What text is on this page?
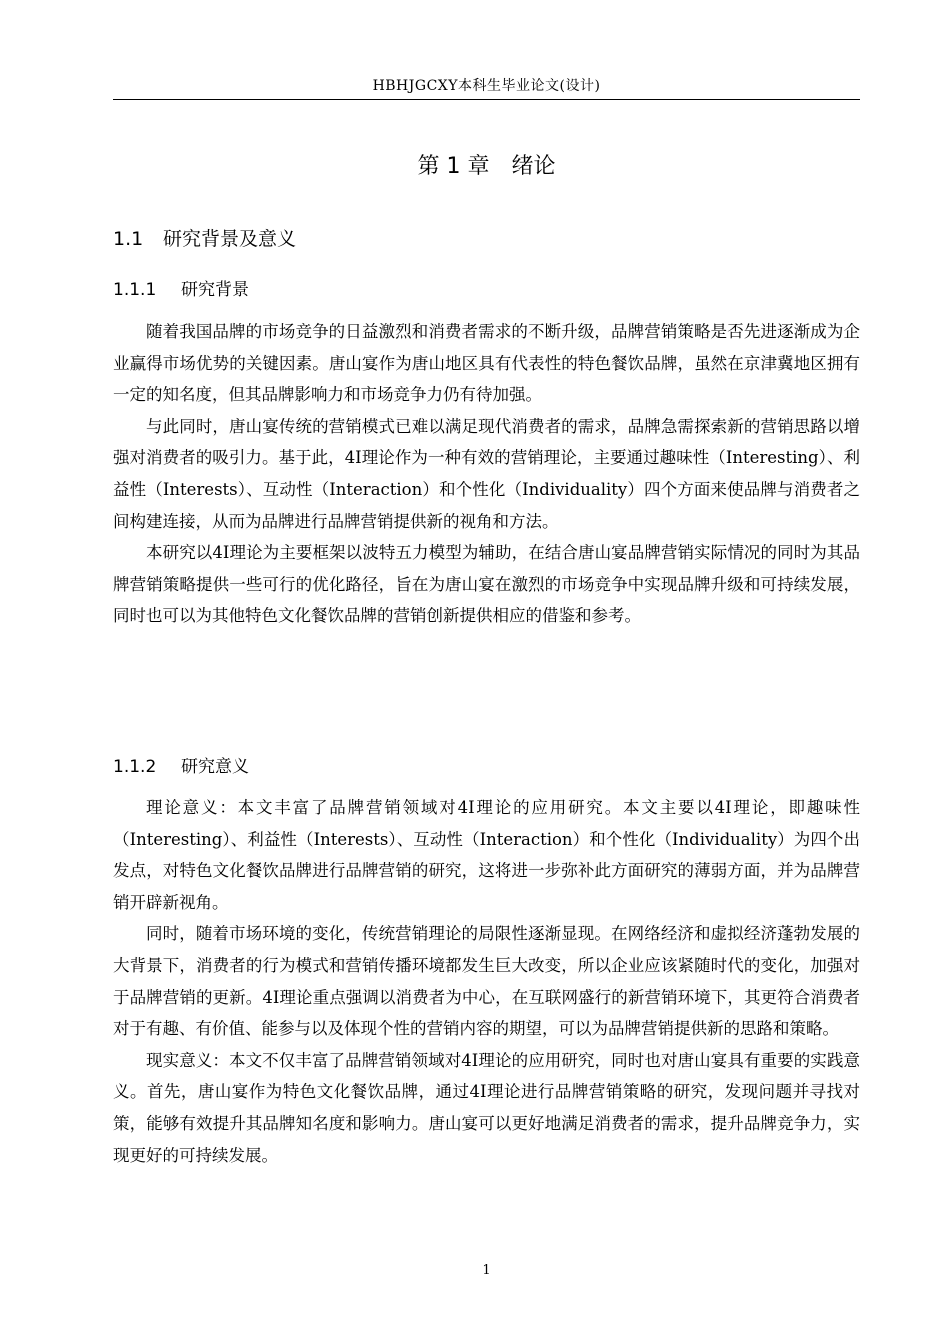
HBHJGCXY本科生毕业论文(设计)
第 1 章 绪论
1.1 研究背景及意义
1.1.1 研究背景

随着我国品牌的市场竞争的日益激烈和消费者需求的不断升级，品牌营销策略是否先进逐渐成为企业赢得市场优势的关键因素。唐山宴作为唐山地区具有代表性的特色餐饮品牌，虽然在京津冀地区拥有一定的知名度，但其品牌影响力和市场竞争力仍有待加强。

与此同时，唐山宴传统的营销模式已难以满足现代消费者的需求，品牌急需探索新的营销思路以增强对消费者的吸引力。基于此，4I理论作为一种有效的营销理论，主要通过趣味性（Interesting）、利益性（Interests）、互动性（Interaction）和个性化（Individuality）四个方面来使品牌与消费者之间构建连接，从而为品牌进行品牌营销提供新的视角和方法。

本研究以4I理论为主要框架以波特五力模型为辅助，在结合唐山宴品牌营销实际情况的同时为其品牌营销策略提供一些可行的优化路径，旨在为唐山宴在激烈的市场竞争中实现品牌升级和可持续发展，同时也可以为其他特色文化餐饮品牌的营销创新提供相应的借鉴和参考。

1.1.2 研究意义

理论意义：本文丰富了品牌营销领域对4I理论的应用研究。本文主要以4I理论，即趣味性（Interesting）、利益性（Interests）、互动性（Interaction）和个性化（Individuality）为四个出发点，对特色文化餐饮品牌进行品牌营销的研究，这将进一步弥补此方面研究的薄弱方面，并为品牌营销开辟新视角。

同时，随着市场环境的变化，传统营销理论的局限性逐渐显现。在网络经济和虚拟经济蓬勃发展的大背景下，消费者的行为模式和营销传播环境都发生巨大改变，所以企业应该紧随时代的变化，加强对于品牌营销的更新。4I理论重点强调以消费者为中心，在互联网盛行的新营销环境下，其更符合消费者对于有趣、有价值、能参与以及体现个性的营销内容的期望，可以为品牌营销提供新的思路和策略。

现实意义：本文不仅丰富了品牌营销领域对4I理论的应用研究，同时也对唐山宴具有重要的实践意义。首先，唐山宴作为特色文化餐饮品牌，通过4I理论进行品牌营销策略的研究，发现问题并寻找对策，能够有效提升其品牌知名度和影响力。唐山宴可以更好地满足消费者的需求，提升品牌竞争力，实现更好的可持续发展。

1
